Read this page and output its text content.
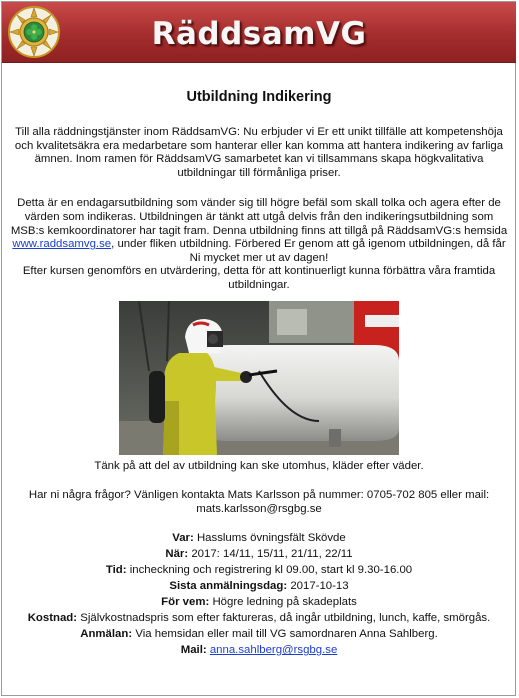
RäddsamVG
Utbildning Indikering

Till alla räddningstjänster inom RäddsamVG: Nu erbjuder vi Er ett unikt tillfälle att kompetenshöja och kvalitetsäkra era medarbetare som hanterar eller kan komma att hantera indikering av farliga ämnen. Inom ramen för RäddsamVG samarbetet kan vi tillsammans skapa högkvalitativa utbildningar till förmånliga priser.

Detta är en endagarsutbildning som vänder sig till högre befäl som skall tolka och agera efter de värden som indikeras. Utbildningen är tänkt att utgå delvis från den indikeringsutbildning som MSB:s kemkoordinatorer har tagit fram. Denna utbildning finns att tillgå på RäddsamVG:s hemsida www.raddsamvg.se, under fliken utbildning. Förbered Er genom att gå igenom utbildningen, då får Ni mycket mer ut av dagen!

Efter kursen genomförs en utvärdering, detta för att kontinuerligt kunna förbättra våra framtida utbildningar.

Tänk på att del av utbildning kan ske utomhus, kläder efter väder.

Har ni några frågor? Vänligen kontakta Mats Karlsson på nummer: 0705-702 805 eller mail: mats.karlsson@rsgbg.se

Var: Hasslums övningsfält Skövde

När: 2017: 14/11, 15/11, 21/11, 22/11

Tid: incheckning och registrering kl 09.00, start kl 9.30-16.00

Sista anmälningsdag: 2017-10-13

För vem: Högre ledning på skadeplats

Kostnad: Självkostnadspris som efter faktureras, då ingår utbildning, lunch, kaffe, smörgås.

Anmälan: Via hemsidan eller mail till VG samordnaren Anna Sahlberg.

Mail: anna.sahlberg@rsgbg.se
